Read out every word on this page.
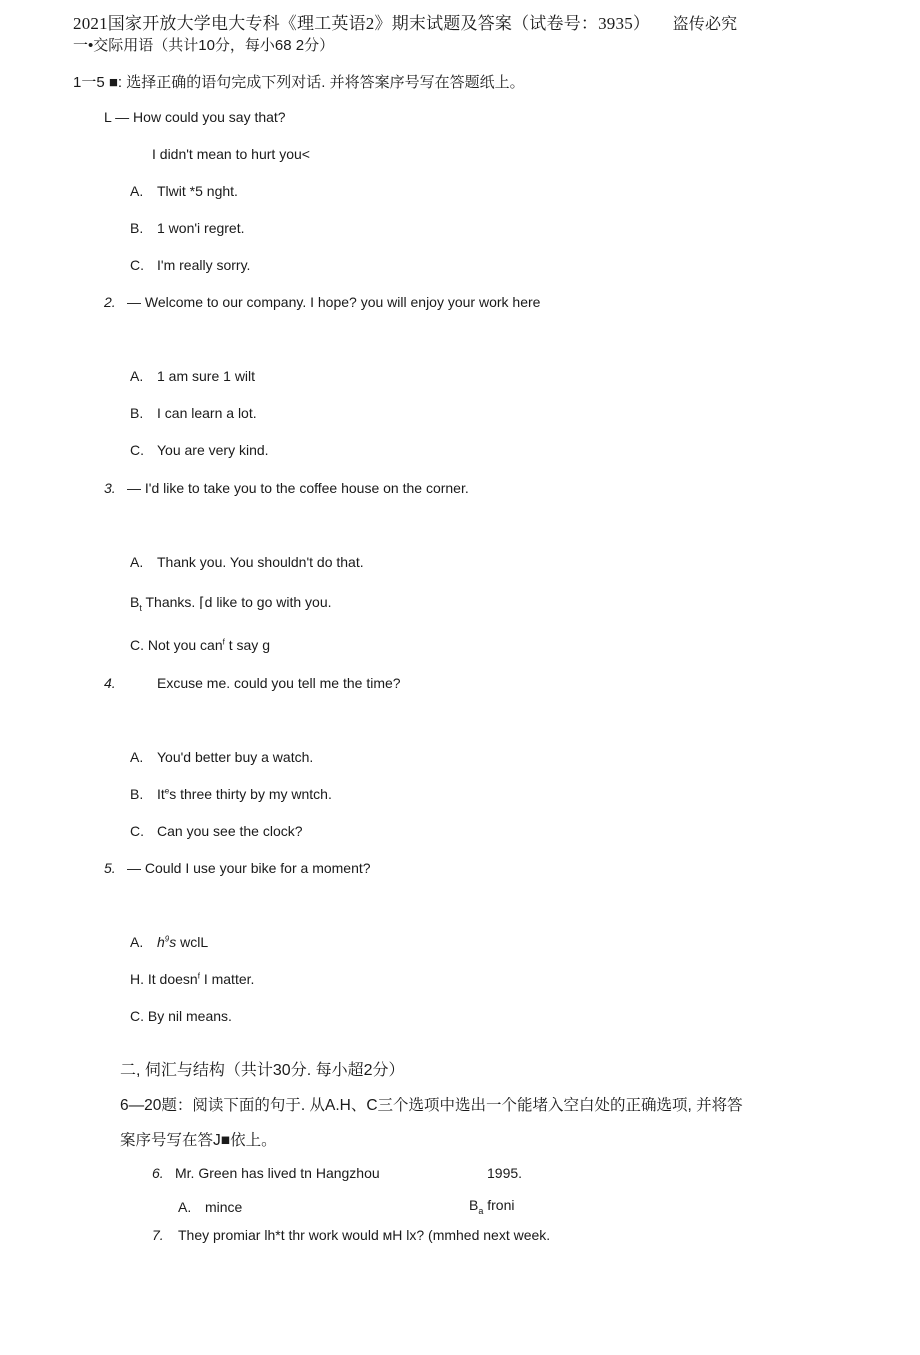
2021国家开放大学电大专科《理工英语2》期末试题及答案（试卷号：3935） 盗传必究
一•交际用语（共计10分，每小68 2分）
1一5 ■: 选择正确的语句完成下列对话. 并将答案序号写在答题纸上。
L — How could you say that?
I didn't mean to hurt you<
A. Tlwit *5 nght.
B. 1 won'i regret.
C. I'm really sorry.
2. — Welcome to our company. I hope? you will enjoy your work here
A. 1 am sure 1 wilt
B. I can learn a lot.
C. You are very kind.
3. — I'd like to take you to the coffee house on the corner.
A. Thank you. You shouldn't do that.
$B_t$ Thanks. ⌈d like to go with you.
C. Not you can$^f$ t say g
4.	Excuse me. could you tell me the time?
A. You'd better buy a watch.
B. It$^e$s three thirty by my wntch.
C. Can you see the clock?
5. — Could I use your bike for a moment?
A. $h^9s$ wclL
H. It doesn$^f$ I matter.
C. By nil means.
二, 伺汇与结构（共计30分. 每小超2分）
6—20题：阅读下面的句于. 从A.H、C三个选项中选出一个能堵入空白处的正确选项, 并将答
案序号写在答J■依上。
6. Mr. Green has lived tn Hangzhou	1995.
A. mince	$B_a$ froni
7. They promiar lh*t thr work would ᴍH lx? (mmhed next week.
